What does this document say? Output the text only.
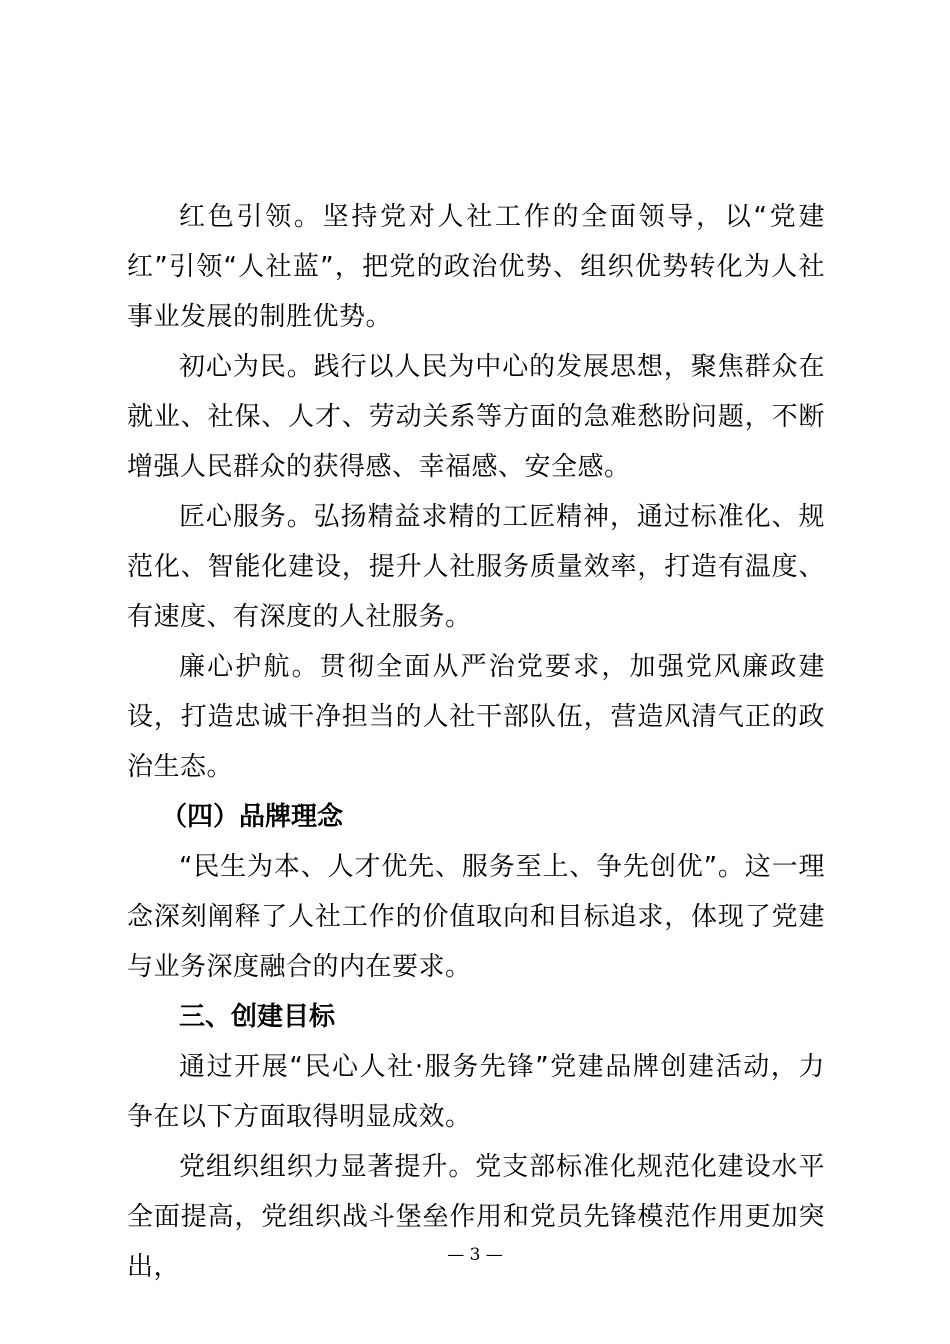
红色引领。坚持党对人社工作的全面领导，以“党建红”引领“人社蓝”，把党的政治优势、组织优势转化为人社事业发展的制胜优势。

初心为民。践行以人民为中心的发展思想，聚焦群众在就业、社保、人才、劳动关系等方面的急难愁盼问题，不断增强人民群众的获得感、幸福感、安全感。

匠心服务。弘扬精益求精的工匠精神，通过标准化、规范化、智能化建设，提升人社服务质量效率，打造有温度、有速度、有深度的人社服务。

廉心护航。贯彻全面从严治党要求，加强党风廉政建设，打造忠诚干净担当的人社干部队伍，营造风清气正的政治生态。

（四）品牌理念

“民生为本、人才优先、服务至上、争先创优”。这一理念深刻阐释了人社工作的价值取向和目标追求，体现了党建与业务深度融合的内在要求。

三、创建目标

通过开展“民心人社·服务先锋”党建品牌创建活动，力争在以下方面取得明显成效。

党组织组织力显著提升。党支部标准化规范化建设水平全面提高，党组织战斗堡垒作用和党员先锋模范作用更加突出，	— 3 —
